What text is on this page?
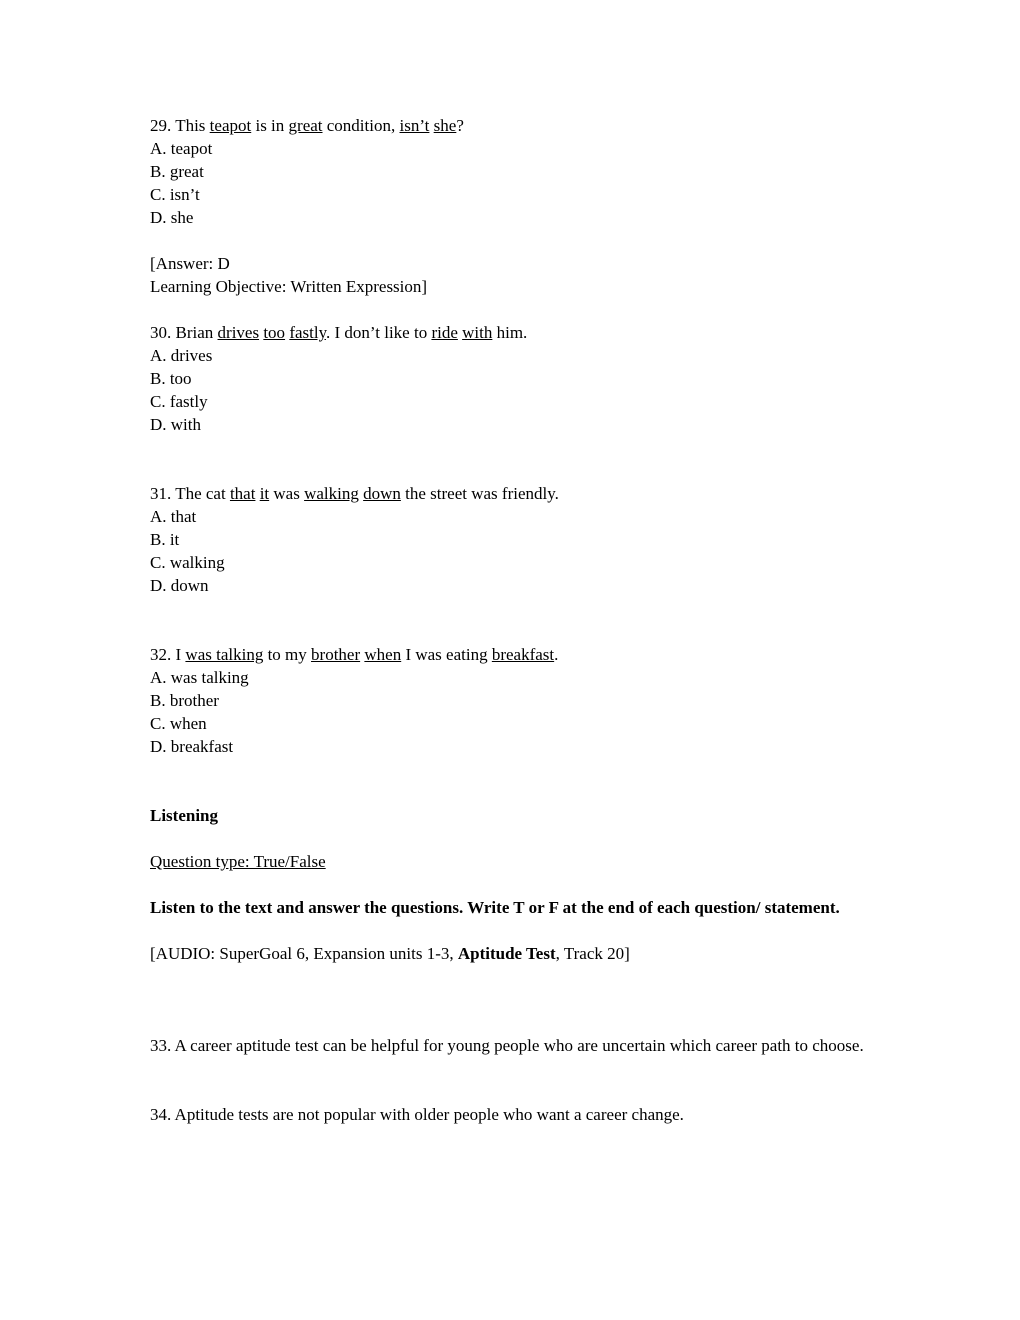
29. This teapot is in great condition, isn’t she?

A. teapot

B. great

C. isn’t

D. she

[Answer: D

Learning Objective: Written Expression]

30. Brian drives too fastly. I don’t like to ride with him.

A. drives

B. too

C. fastly

D. with

31. The cat that it was walking down the street was friendly.

A. that

B. it

C. walking

D. down

32. I was talking to my brother when I was eating breakfast.

A. was talking

B. brother

C. when

D. breakfast

Listening

Question type: True/False

Listen to the text and answer the questions. Write T or F at the end of each question/ statement.

[AUDIO: SuperGoal 6, Expansion units 1-3, Aptitude Test, Track 20]

33. A career aptitude test can be helpful for young people who are uncertain which career path to choose.

34. Aptitude tests are not popular with older people who want a career change.
